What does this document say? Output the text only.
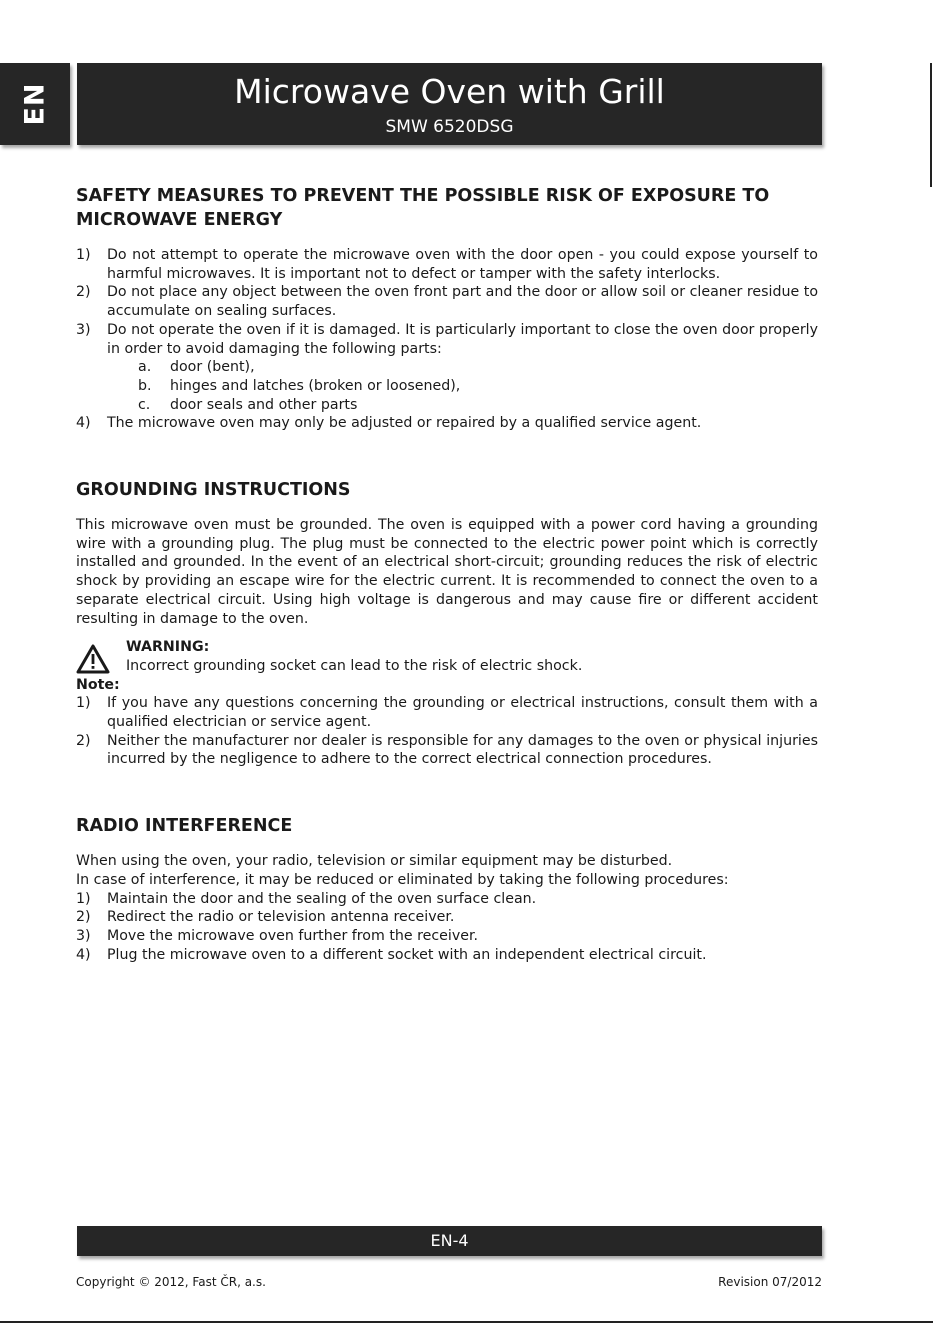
EN	Microwave Oven with Grill
SMW 6520DSG
SAFETY MEASURES TO PREVENT THE POSSIBLE RISK OF EXPOSURE TO MICROWAVE ENERGY
1) Do not attempt to operate the microwave oven with the door open - you could expose yourself to harmful microwaves. It is important not to defect or tamper with the safety interlocks.

2) Do not place any object between the oven front part and the door or allow soil or cleaner residue to accumulate on sealing surfaces.

3) Do not operate the oven if it is damaged. It is particularly important to close the oven door properly in order to avoid damaging the following parts:

a. door (bent),
b. hinges and latches (broken or loosened),
c. door seals and other parts
4) The microwave oven may only be adjusted or repaired by a qualified service agent.

GROUNDING INSTRUCTIONS

This microwave oven must be grounded. The oven is equipped with a power cord having a grounding wire with a grounding plug. The plug must be connected to the electric power point which is correctly installed and grounded. In the event of an electrical short-circuit; grounding reduces the risk of electric shock by providing an escape wire for the electric current. It is recommended to connect the oven to a separate electrical circuit. Using high voltage is dangerous and may cause fire or different accident resulting in damage to the oven.

WARNING:

Incorrect grounding socket can lead to the risk of electric shock.

Note:

1) If you have any questions concerning the grounding or electrical instructions, consult them with a qualified electrician or service agent.

2) Neither the manufacturer nor dealer is responsible for any damages to the oven or physical injuries incurred by the negligence to adhere to the correct electrical connection procedures.

RADIO INTERFERENCE

When using the oven, your radio, television or similar equipment may be disturbed.

In case of interference, it may be reduced or eliminated by taking the following procedures:

1) Maintain the door and the sealing of the oven surface clean.

2) Redirect the radio or television antenna receiver.

3) Move the microwave oven further from the receiver.

4) Plug the microwave oven to a different socket with an independent electrical circuit.

EN-4
Copyright © 2012, Fast ČR, a.s.	Revision 07/2012
